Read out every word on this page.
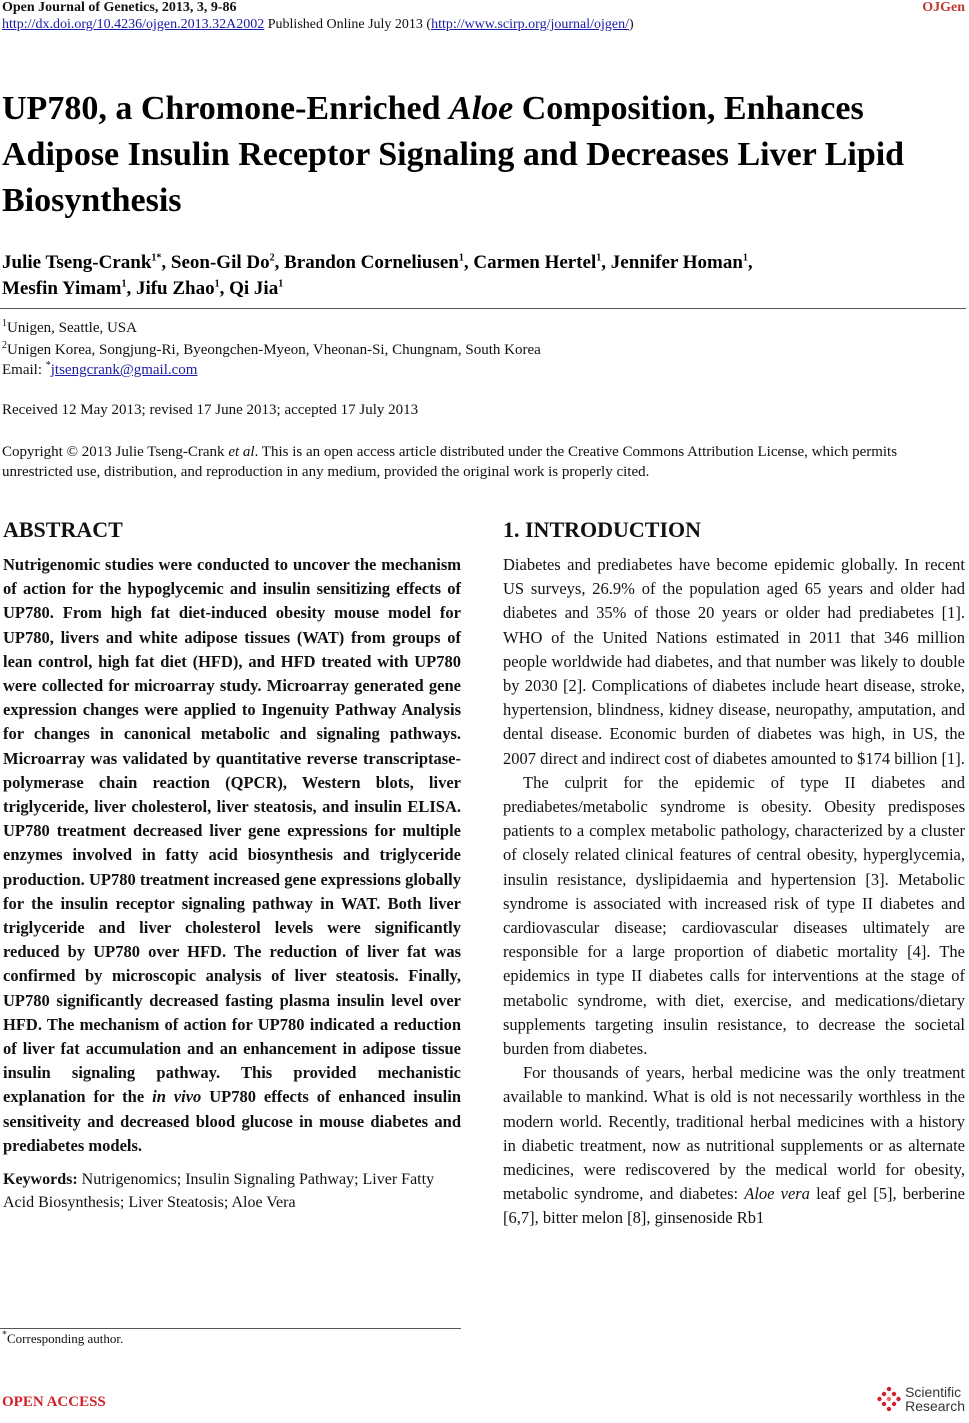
Open Journal of Genetics, 2013, 3, 9-86	OJGen
http://dx.doi.org/10.4236/ojgen.2013.32A2002 Published Online July 2013 (http://www.scirp.org/journal/ojgen/)
UP780, a Chromone-Enriched Aloe Composition, Enhances Adipose Insulin Receptor Signaling and Decreases Liver Lipid Biosynthesis
Julie Tseng-Crank$^{1*}$, Seon-Gil Do$^2$, Brandon Corneliusen$^1$, Carmen Hertel$^1$, Jennifer Homan$^1$,
Mesfin Yimam$^1$, Jifu Zhao$^1$, Qi Jia$^1$
$^1$Unigen, Seattle, USA
$^2$Unigen Korea, Songjung-Ri, Byeongchen-Myeon, Vheonan-Si, Chungnam, South Korea
Email: *jtsengcrank@gmail.com
Received 12 May 2013; revised 17 June 2013; accepted 17 July 2013
Copyright © 2013 Julie Tseng-Crank et al. This is an open access article distributed under the Creative Commons Attribution License, which permits unrestricted use, distribution, and reproduction in any medium, provided the original work is properly cited.
ABSTRACT
Nutrigenomic studies were conducted to uncover the mechanism of action for the hypoglycemic and insulin sensitizing effects of UP780. From high fat diet-induced obesity mouse model for UP780, livers and white adipose tissues (WAT) from groups of lean control, high fat diet (HFD), and HFD treated with UP780 were collected for microarray study. Microarray generated gene expression changes were applied to Ingenuity Pathway Analysis for changes in canonical metabolic and signaling pathways. Microarray was validated by quantitative reverse transcriptase-polymerase chain reaction (QPCR), Western blots, liver triglyceride, liver cholesterol, liver steatosis, and insulin ELISA. UP780 treatment decreased liver gene expressions for multiple enzymes involved in fatty acid biosynthesis and triglyceride production. UP780 treatment increased gene expressions globally for the insulin receptor signaling pathway in WAT. Both liver triglyceride and liver cholesterol levels were significantly reduced by UP780 over HFD. The reduction of liver fat was confirmed by microscopic analysis of liver steatosis. Finally, UP780 significantly decreased fasting plasma insulin level over HFD. The mechanism of action for UP780 indicated a reduction of liver fat accumulation and an enhancement in adipose tissue insulin signaling pathway. This provided mechanistic explanation for the in vivo UP780 effects of enhanced insulin sensitiveity and decreased blood glucose in mouse diabetes and prediabetes models.
Keywords: Nutrigenomics; Insulin Signaling Pathway; Liver Fatty Acid Biosynthesis; Liver Steatosis; Aloe Vera
*Corresponding author.
1. INTRODUCTION

Diabetes and prediabetes have become epidemic globally. In recent US surveys, 26.9% of the population aged 65 years and older had diabetes and 35% of those 20 years or older had prediabetes [1]. WHO of the United Nations estimated in 2011 that 346 million people worldwide had diabetes, and that number was likely to double by 2030 [2]. Complications of diabetes include heart disease, stroke, hypertension, blindness, kidney disease, neuropathy, amputation, and dental disease. Economic burden of diabetes was high, in US, the 2007 direct and indirect cost of diabetes amounted to $174 billion [1].

The culprit for the epidemic of type II diabetes and prediabetes/metabolic syndrome is obesity. Obesity predisposes patients to a complex metabolic pathology, characterized by a cluster of closely related clinical features of central obesity, hyperglycemia, insulin resistance, dyslipidaemia and hypertension [3]. Metabolic syndrome is associated with increased risk of type II diabetes and cardiovascular disease; cardiovascular diseases ultimately are responsible for a large proportion of diabetic mortality [4]. The epidemics in type II diabetes calls for interventions at the stage of metabolic syndrome, with diet, exercise, and medications/dietary supplements targeting insulin resistance, to decrease the societal burden from diabetes.

For thousands of years, herbal medicine was the only treatment available to mankind. What is old is not necessarily worthless in the modern world. Recently, traditional herbal medicines with a history in diabetic treatment, now as nutritional supplements or as alternate medicines, were rediscovered by the medical world for obesity, metabolic syndrome, and diabetes: Aloe vera leaf gel [5], berberine [6,7], bitter melon [8], ginsenoside Rb1

OPEN ACCESS
Scientific
Research
